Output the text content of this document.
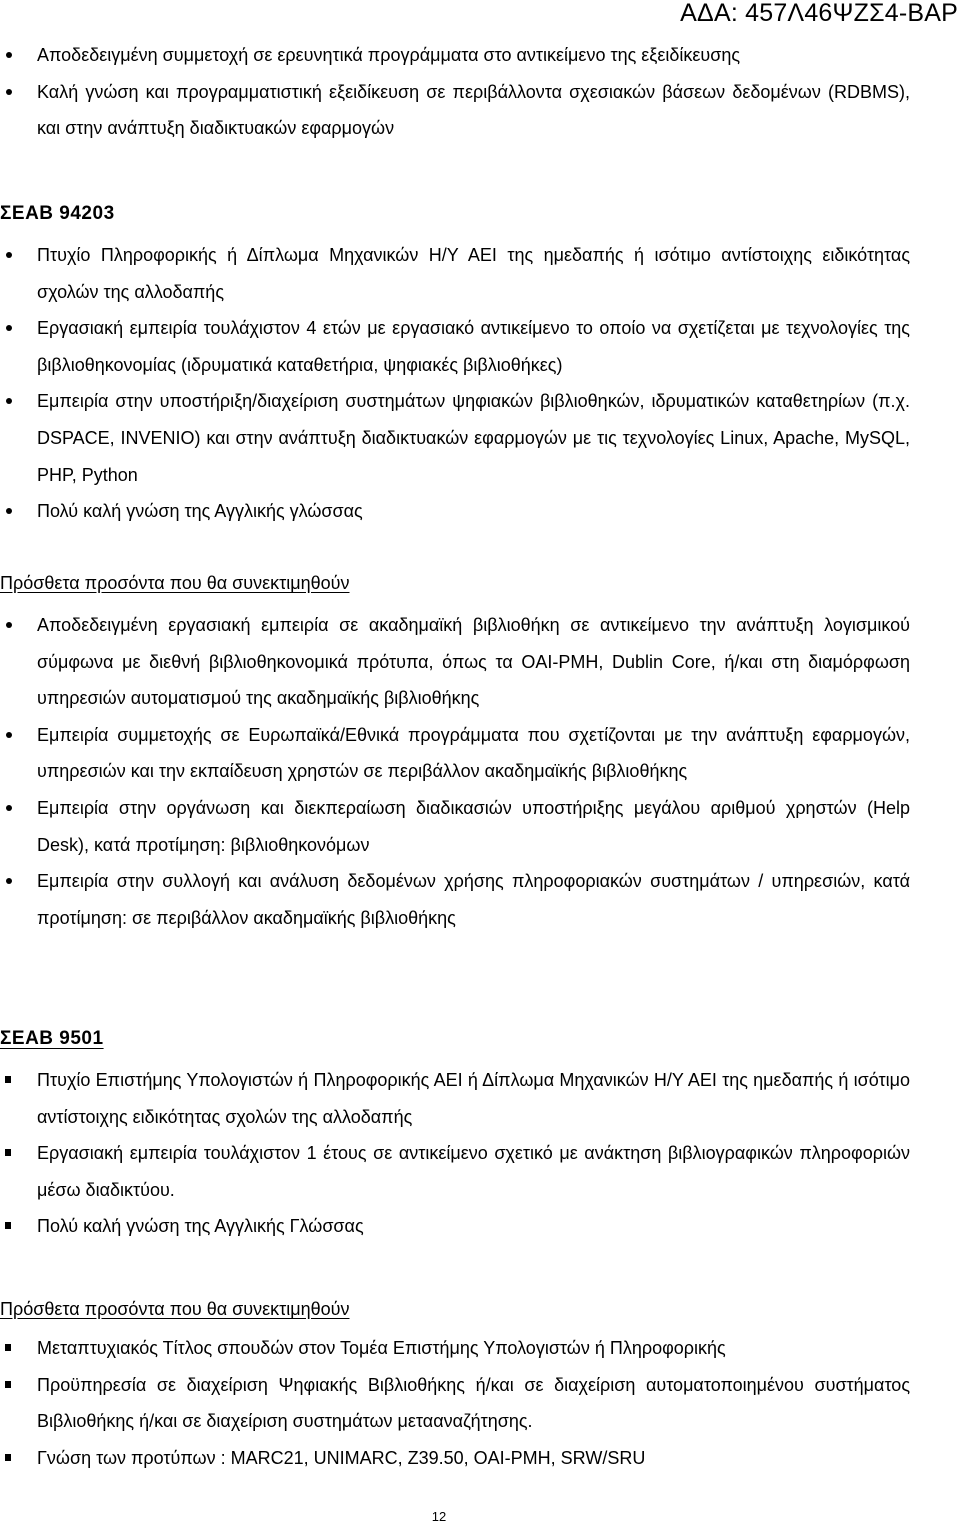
ΑΔΑ: 457Λ46ΨΖΣ4-ΒΑΡ
Αποδεδειγμένη συμμετοχή σε ερευνητικά προγράμματα στο αντικείμενο της εξειδίκευσης
Καλή γνώση και προγραμματιστική εξειδίκευση σε περιβάλλοντα σχεσιακών βάσεων δεδομένων (RDBMS), και στην ανάπτυξη διαδικτυακών εφαρμογών
ΣΕΑΒ 94203
Πτυχίο Πληροφορικής ή Δίπλωμα Μηχανικών Η/Υ ΑΕΙ της ημεδαπής ή ισότιμο αντίστοιχης ειδικότητας σχολών της αλλοδαπής
Εργασιακή εμπειρία τουλάχιστον 4 ετών με εργασιακό αντικείμενο το οποίο να σχετίζεται με τεχνολογίες της βιβλιοθηκονομίας (ιδρυματικά καταθετήρια, ψηφιακές βιβλιοθήκες)
Εμπειρία στην υποστήριξη/διαχείριση συστημάτων ψηφιακών βιβλιοθηκών, ιδρυματικών καταθετηρίων (π.χ. DSPACE, INVENIO) και στην ανάπτυξη διαδικτυακών εφαρμογών με τις τεχνολογίες Linux, Apache, MySQL, PHP, Python
Πολύ καλή γνώση της Αγγλικής γλώσσας
Πρόσθετα προσόντα που θα συνεκτιμηθούν
Αποδεδειγμένη εργασιακή εμπειρία σε ακαδημαϊκή βιβλιοθήκη σε αντικείμενο την ανάπτυξη λογισμικού σύμφωνα με διεθνή βιβλιοθηκονομικά πρότυπα, όπως τα OAI-PMH, Dublin Core, ή/και στη διαμόρφωση υπηρεσιών αυτοματισμού της ακαδημαϊκής βιβλιοθήκης
Εμπειρία συμμετοχής σε Ευρωπαϊκά/Εθνικά προγράμματα που σχετίζονται με την ανάπτυξη εφαρμογών, υπηρεσιών και την εκπαίδευση χρηστών σε περιβάλλον ακαδημαϊκής βιβλιοθήκης
Εμπειρία στην οργάνωση και διεκπεραίωση διαδικασιών υποστήριξης μεγάλου αριθμού χρηστών (Help Desk), κατά προτίμηση: βιβλιοθηκονόμων
Εμπειρία στην συλλογή και ανάλυση δεδομένων χρήσης πληροφοριακών συστημάτων / υπηρεσιών, κατά προτίμηση: σε περιβάλλον ακαδημαϊκής βιβλιοθήκης
ΣΕΑΒ 9501
Πτυχίο Επιστήμης Υπολογιστών ή Πληροφορικής ΑΕΙ ή Δίπλωμα Μηχανικών Η/Υ ΑΕΙ της ημεδαπής ή ισότιμο αντίστοιχης ειδικότητας σχολών της αλλοδαπής
Εργασιακή εμπειρία τουλάχιστον 1 έτους σε αντικείμενο σχετικό με ανάκτηση βιβλιογραφικών πληροφοριών μέσω διαδικτύου.
Πολύ καλή γνώση της Αγγλικής Γλώσσας
Πρόσθετα προσόντα που θα συνεκτιμηθούν
Μεταπτυχιακός Τίτλος σπουδών στον Τομέα Επιστήμης Υπολογιστών ή Πληροφορικής
Προϋπηρεσία σε διαχείριση Ψηφιακής Βιβλιοθήκης ή/και σε διαχείριση αυτοματοποιημένου συστήματος Βιβλιοθήκης ή/και σε διαχείριση συστημάτων μετααναζήτησης.
Γνώση των προτύπων : MARC21, UNIMARC, Z39.50, OAI-PMH, SRW/SRU
12
